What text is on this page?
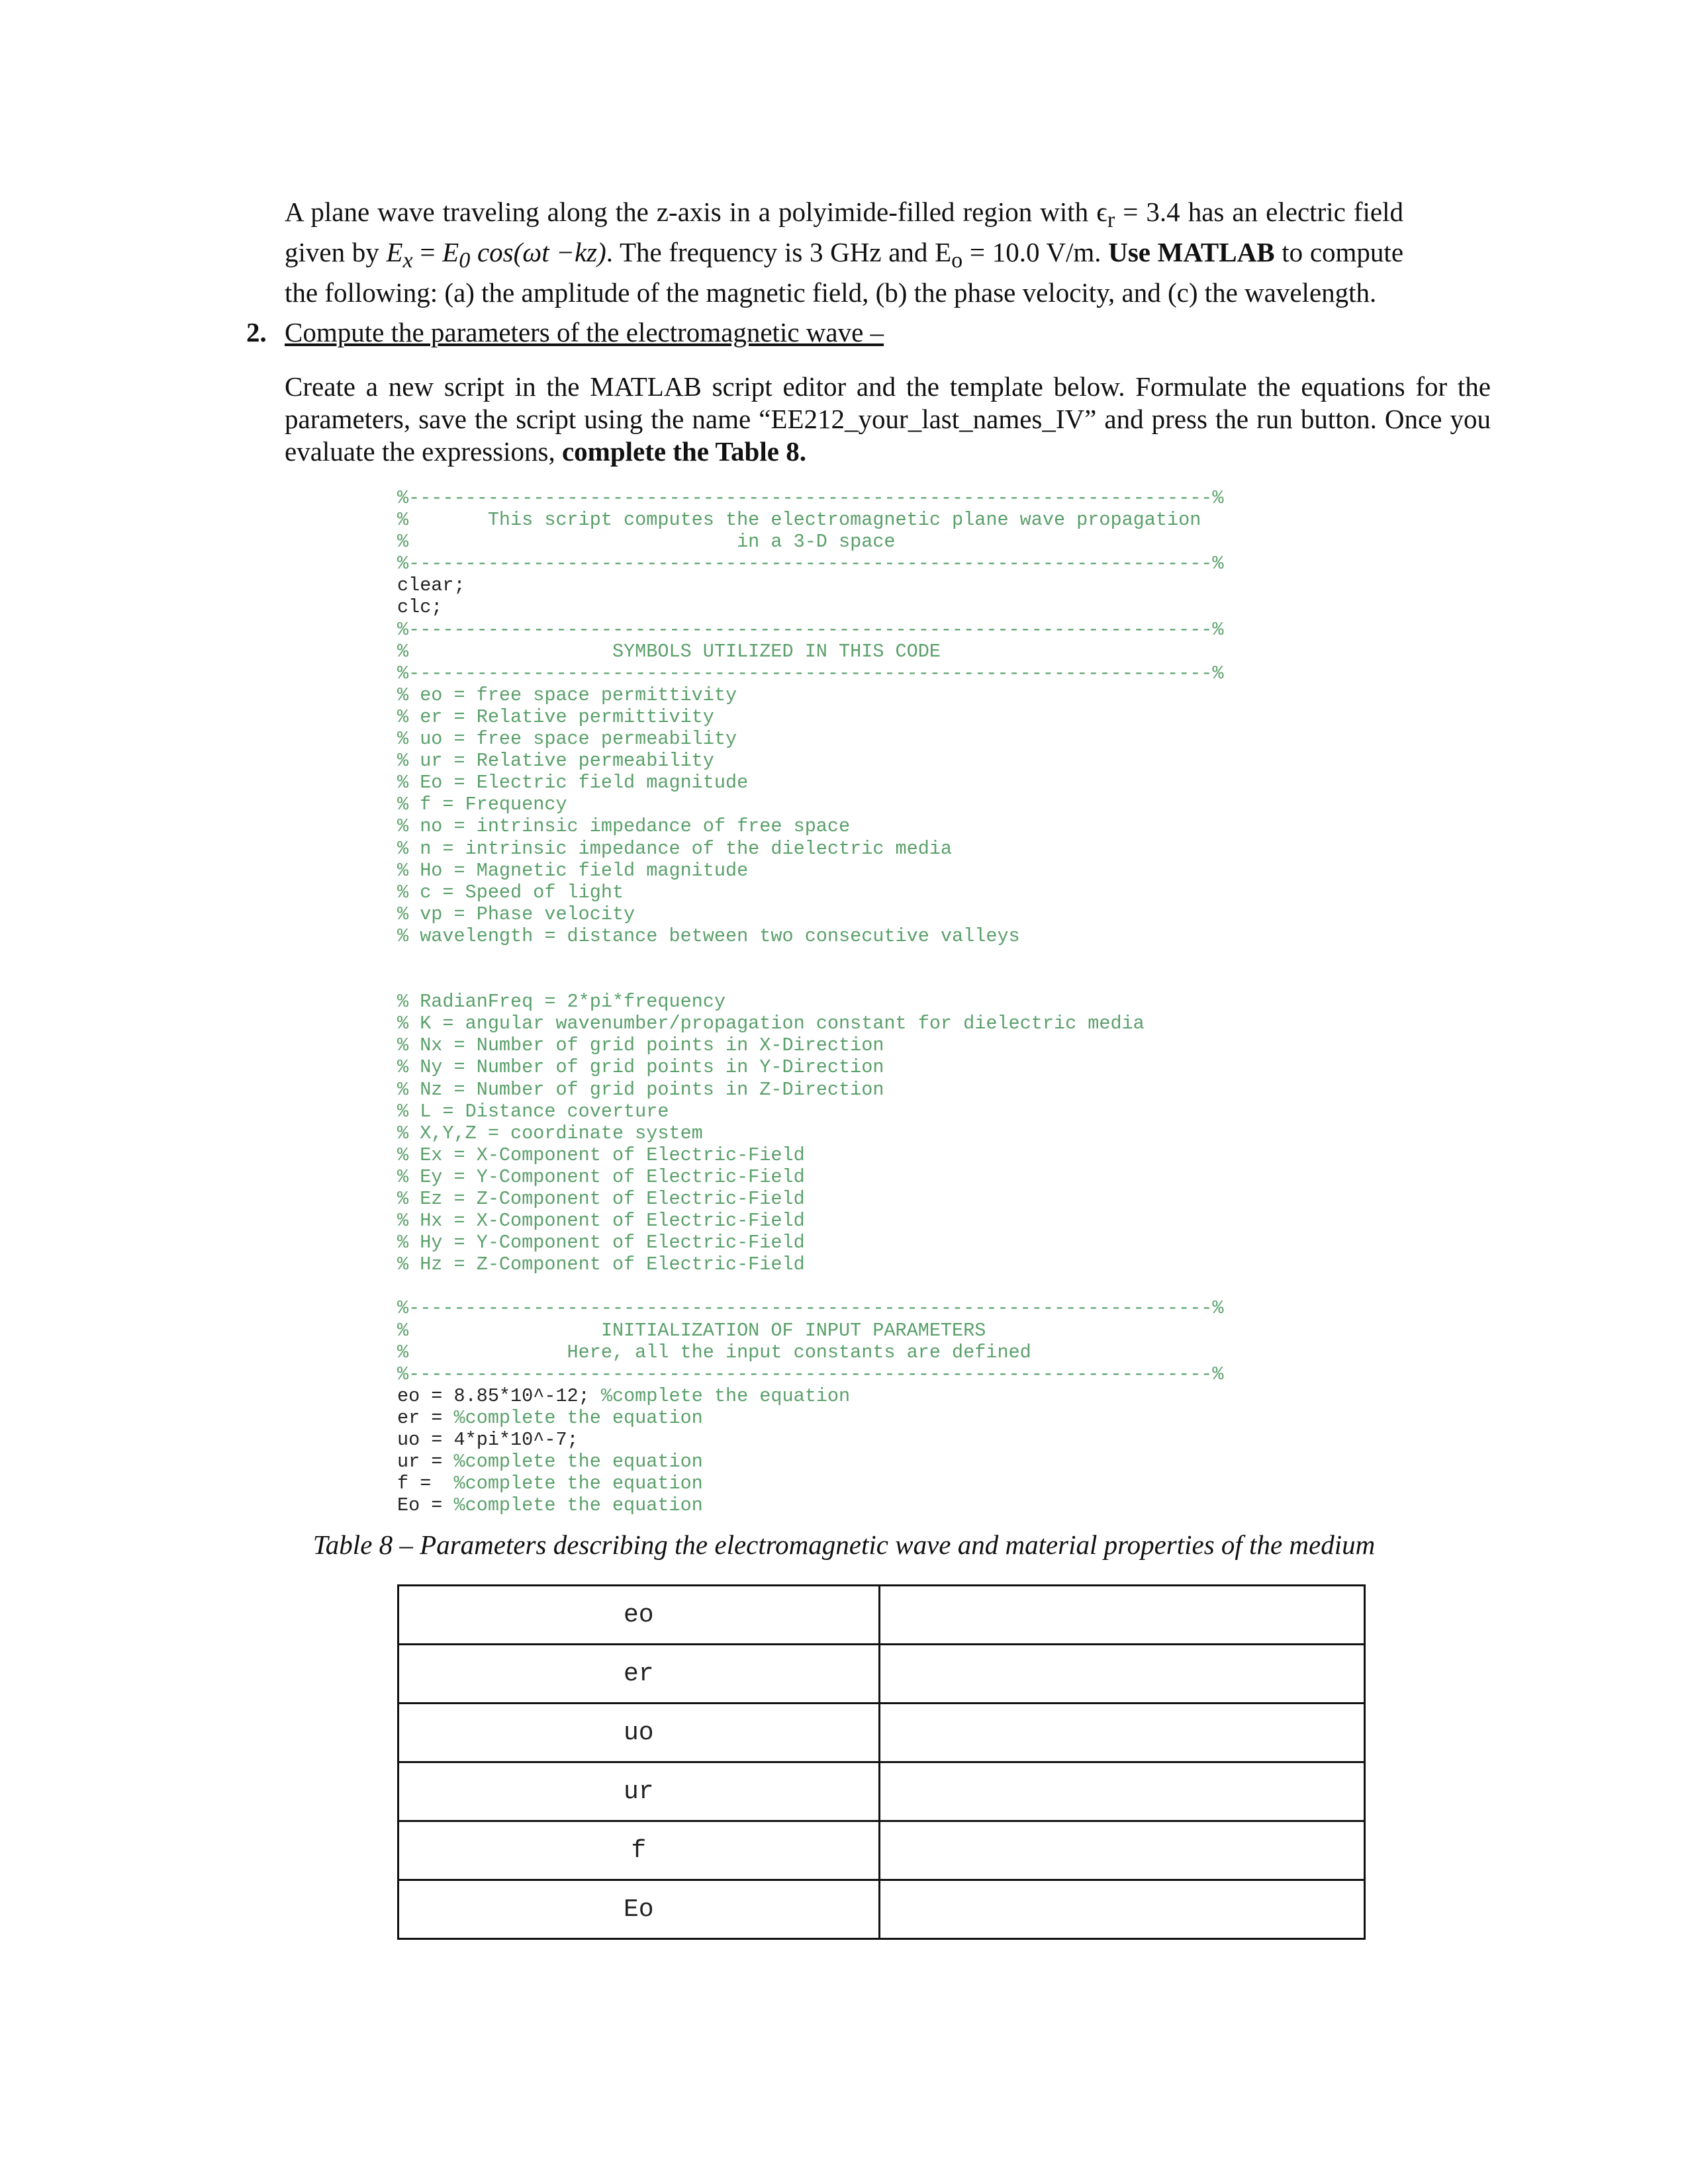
A plane wave traveling along the z-axis in a polyimide-filled region with $\epsilon_r = 3.4$ has an electric field given by $E_x = E_0$ cos(ωt −kz). The frequency is 3 GHz and $E_o = 10.0$ V/m. Use MATLAB to compute the following: (a) the amplitude of the magnetic field, (b) the phase velocity, and (c) the wavelength.

2. Compute the parameters of the electromagnetic wave –

Create a new script in the MATLAB script editor and the template below. Formulate the equations for the parameters, save the script using the name “EE212_your_last_names_IV” and press the run button. Once you evaluate the expressions, complete the Table 8.

%-----------------------------------------------------------------------%
%       This script computes the electromagnetic plane wave propagation
%                             in a 3-D space
%-----------------------------------------------------------------------%
clear;
clc;
%-----------------------------------------------------------------------%
%                  SYMBOLS UTILIZED IN THIS CODE
%-----------------------------------------------------------------------%
% eo = free space permittivity
% er = Relative permittivity
% uo = free space permeability
% ur = Relative permeability
% Eo = Electric field magnitude
% f = Frequency
% no = intrinsic impedance of free space
% n = intrinsic impedance of the dielectric media
% Ho = Magnetic field magnitude
% c = Speed of light
% vp = Phase velocity
% wavelength = distance between two consecutive valleys
% RadianFreq = 2*pi*frequency
% K = angular wavenumber/propagation constant for dielectric media
% Nx = Number of grid points in X-Direction
% Ny = Number of grid points in Y-Direction
% Nz = Number of grid points in Z-Direction
% L = Distance coverture
% X,Y,Z = coordinate system
% Ex = X-Component of Electric-Field
% Ey = Y-Component of Electric-Field
% Ez = Z-Component of Electric-Field
% Hx = X-Component of Electric-Field
% Hy = Y-Component of Electric-Field
% Hz = Z-Component of Electric-Field
%-----------------------------------------------------------------------%
%                 INITIALIZATION OF INPUT PARAMETERS
%              Here, all the input constants are defined
%-----------------------------------------------------------------------%
eo = 8.85*10^-12; %complete the equation
er = %complete the equation
uo = 4*pi*10^-7;
ur = %complete the equation
f =  %complete the equation
Eo = %complete the equation
Table 8 – Parameters describing the electromagnetic wave and material properties of the medium
eo	
er	
uo	
ur	
f	
Eo	
